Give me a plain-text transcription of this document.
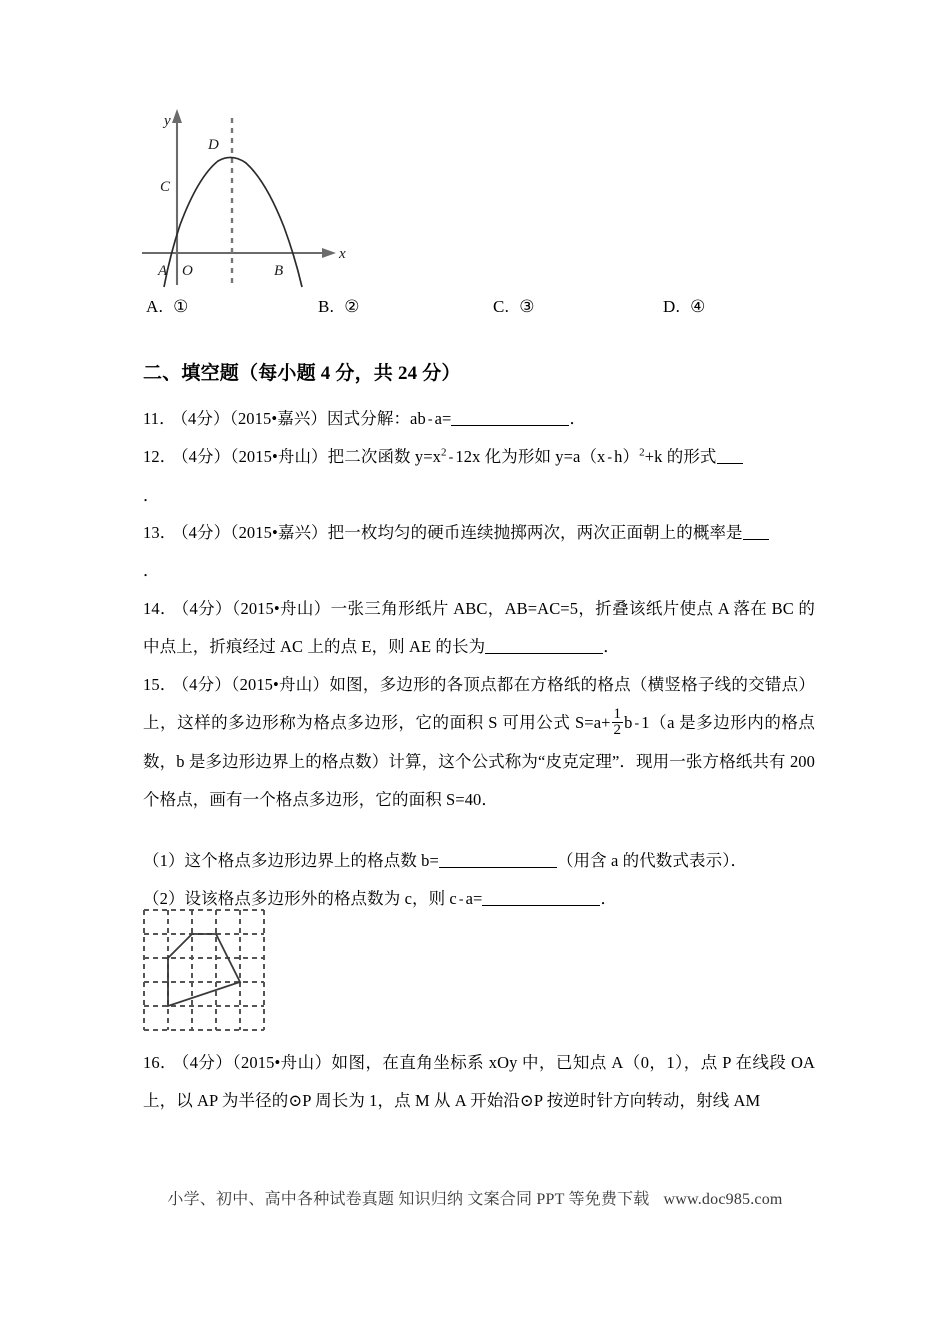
A O	B
C
D
y
x
A. ①	B. ②	C. ③	D. ④
二、填空题（每小题 4 分，共 24 分）
11． （4分）（2015•嘉兴）因式分解：ab - a=	．
12． （4分）（2015•舟山）把二次函数 $y=x^2 - 12x$ 化为形如 y=a（x - h）$^2$+k 的形式
．
13． （4分）（2015•嘉兴）把一枚均匀的硬币连续抛掷两次，两次正面朝上的概率是
．
14． （4分）（2015•舟山）一张三角形纸片 ABC，AB=AC=5，折叠该纸片使点 A 落在 BC 的中点上，折痕经过 AC 上的点 E，则 AE 的长为	．
15． （4分）（2015•舟山）如图，多边形的各顶点都在方格纸的格点（横竖格子线的交错点）上，这样的多边形称为格点多边形，它的面积 S 可用公式 $S=a+ \frac{1}{2}$ b - 1（a 是多边形内的格点数，b 是多边形边界上的格点数）计算，这个公式称为“皮克定理”．现用一张方格纸共有 200 个格点，画有一个格点多边形，它的面积 S=40．
（1）这个格点多边形边界上的格点数 b=	（用含 a 的代数式表示）．
（2）设该格点多边形外的格点数为 c，则 c - a=	．
16． （4分）（2015•舟山）如图，在直角坐标系 xOy 中，已知点 A（0，1），点 P 在线段 OA 上，以 AP 为半径的⊙P 周长为 1，点 M 从 A 开始沿⊙P 按逆时针方向转动，射线 AM
小学、初中、高中各种试卷真题 知识归纳 文案合同 PPT 等免费下载 www.doc985.com
